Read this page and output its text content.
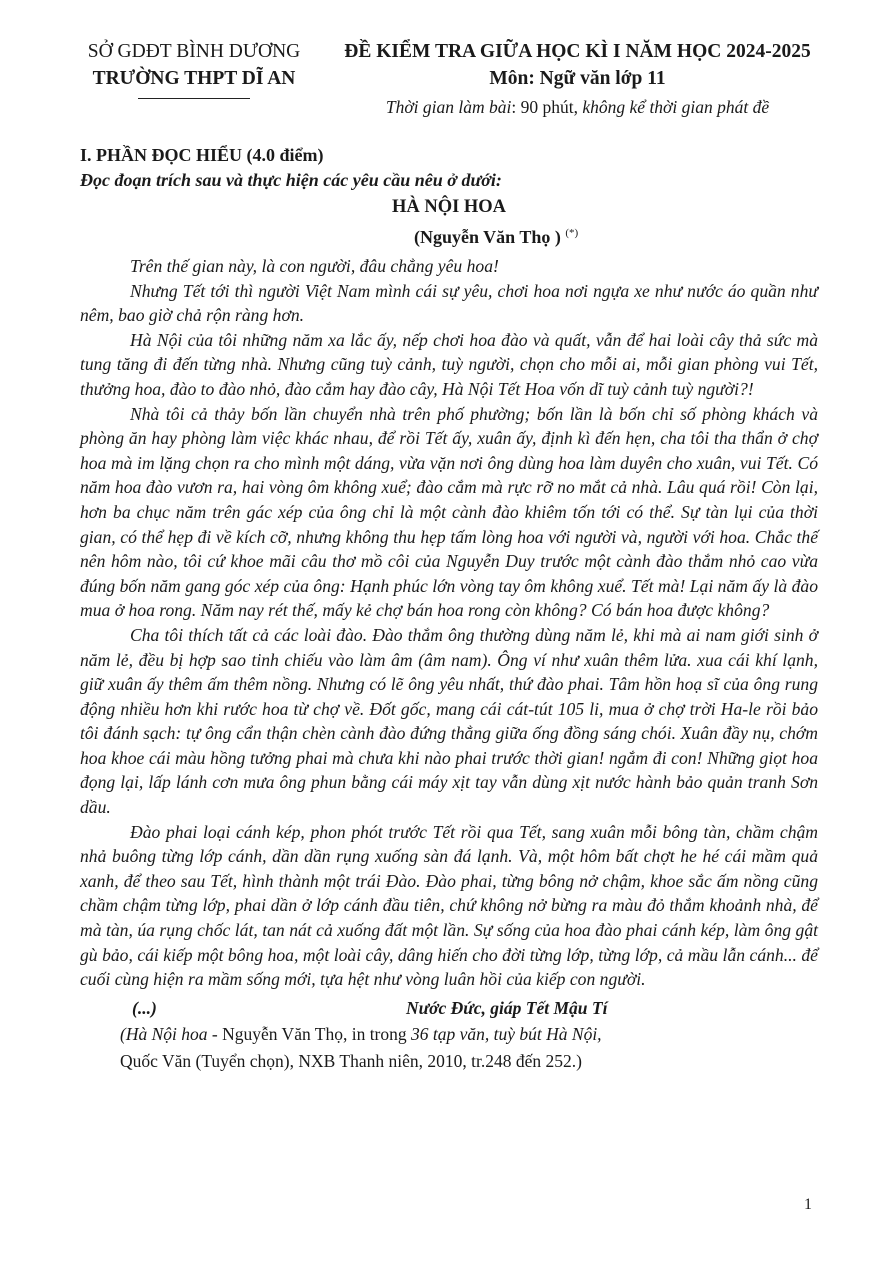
SỞ GDĐT BÌNH DƯƠNG
TRƯỜNG THPT DĨ AN
ĐỀ KIỂM TRA GIỮA HỌC KÌ I NĂM HỌC 2024-2025
Môn: Ngữ văn lớp 11
Thời gian làm bài: 90 phút, không kể thời gian phát đề
I. PHẦN ĐỌC HIỂU (4.0 điểm)
Đọc đoạn trích sau và thực hiện các yêu cầu nêu ở dưới:
HÀ NỘI HOA
(Nguyễn Văn Thọ ) (*)

Trên thế gian này, là con người, đâu chẳng yêu hoa!

Nhưng Tết tới thì người Việt Nam mình cái sự yêu, chơi hoa nơi ngựa xe như nước áo quần như nêm, bao giờ chả rộn ràng hơn.

Hà Nội của tôi những năm xa lắc ấy, nếp chơi hoa đào và quất, vẫn để hai loài cây thả sức mà tung tăng đi đến từng nhà. Nhưng cũng tuỳ cảnh, tuỳ người, chọn cho mỗi ai, mỗi gian phòng vui Tết, thưởng hoa, đào to đào nhỏ, đào cắm hay đào cây, Hà Nội Tết Hoa vốn dĩ tuỳ cảnh tuỳ người?!

Nhà tôi cả thảy bốn lần chuyển nhà trên phố phường; bốn lần là bốn chỉ số phòng khách và phòng ăn hay phòng làm việc khác nhau, để rồi Tết ấy, xuân ấy, định kì đến hẹn, cha tôi tha thẩn ở chợ hoa mà im lặng chọn ra cho mình một dáng, vừa vặn nơi ông dùng hoa làm duyên cho xuân, vui Tết. Có năm hoa đào vươn ra, hai vòng ôm không xuể; đào cắm mà rực rỡ no mắt cả nhà. Lâu quá rồi! Còn lại, hơn ba chục năm trên gác xép của ông chỉ là một cành đào khiêm tốn tới có thể. Sự tàn lụi của thời gian, có thể hẹp đi về kích cỡ, nhưng không thu hẹp tấm lòng hoa với người và, người với hoa. Chắc thế nên hôm nào, tôi cứ khoe mãi câu thơ mồ côi của Nguyễn Duy trước một cành đào thắm nhỏ cao vừa đúng bốn năm gang góc xép của ông: Hạnh phúc lớn vòng tay ôm không xuể. Tết mà! Lại năm ấy là đào mua ở hoa rong. Năm nay rét thế, mấy kẻ chợ bán hoa rong còn không? Có bán hoa được không?

Cha tôi thích tất cả các loài đào. Đào thắm ông thường dùng năm lẻ, khi mà ai nam giới sinh ở năm lẻ, đều bị hợp sao tinh chiếu vào làm âm (âm nam). Ông ví như xuân thêm lửa. xua cái khí lạnh, giữ xuân ấy thêm ấm thêm nồng. Nhưng có lẽ ông yêu nhất, thứ đào phai. Tâm hồn hoạ sĩ của ông rung động nhiều hơn khi rước hoa từ chợ về. Đốt gốc, mang cái cát-tút 105 li, mua ở chợ trời Ha-le rồi bảo tôi đánh sạch: tự ông cẩn thận chèn cành đào đứng thẳng giữa ống đồng sáng chói. Xuân đầy nụ, chớm hoa khoe cái màu hồng tưởng phai mà chưa khi nào phai trước thời gian! ngắm đi con! Những giọt hoa đọng lại, lấp lánh cơn mưa ông phun bằng cái máy xịt tay vẫn dùng xịt nước hành bảo quản tranh Sơn dầu.

Đào phai loại cánh kép, phon phót trước Tết rồi qua Tết, sang xuân mỗi bông tàn, chầm chậm nhả buông từng lớp cánh, dần dần rụng xuống sàn đá lạnh. Và, một hôm bất chợt he hé cái mầm quả xanh, để theo sau Tết, hình thành một trái Đào. Đào phai, từng bông nở chậm, khoe sắc ấm nồng cũng chầm chậm từng lớp, phai dần ở lớp cánh đầu tiên, chứ không nở bừng ra màu đỏ thắm khoảnh nhà, để mà tàn, úa rụng chốc lát, tan nát cả xuống đất một lần. Sự sống của hoa đào phai cánh kép, làm ông gật gù bảo, cái kiếp một bông hoa, một loài cây, dâng hiến cho đời từng lớp, từng lớp, cả mầu lẫn cánh... để cuối cùng hiện ra mầm sống mới, tựa hệt như vòng luân hồi của kiếp con người.

(...)	Nước Đức, giáp Tết Mậu Tí
(Hà Nội hoa - Nguyễn Văn Thọ, in trong 36 tạp văn, tuỳ bút Hà Nội,
Quốc Văn (Tuyển chọn), NXB Thanh niên, 2010, tr.248 đến 252.)
1
